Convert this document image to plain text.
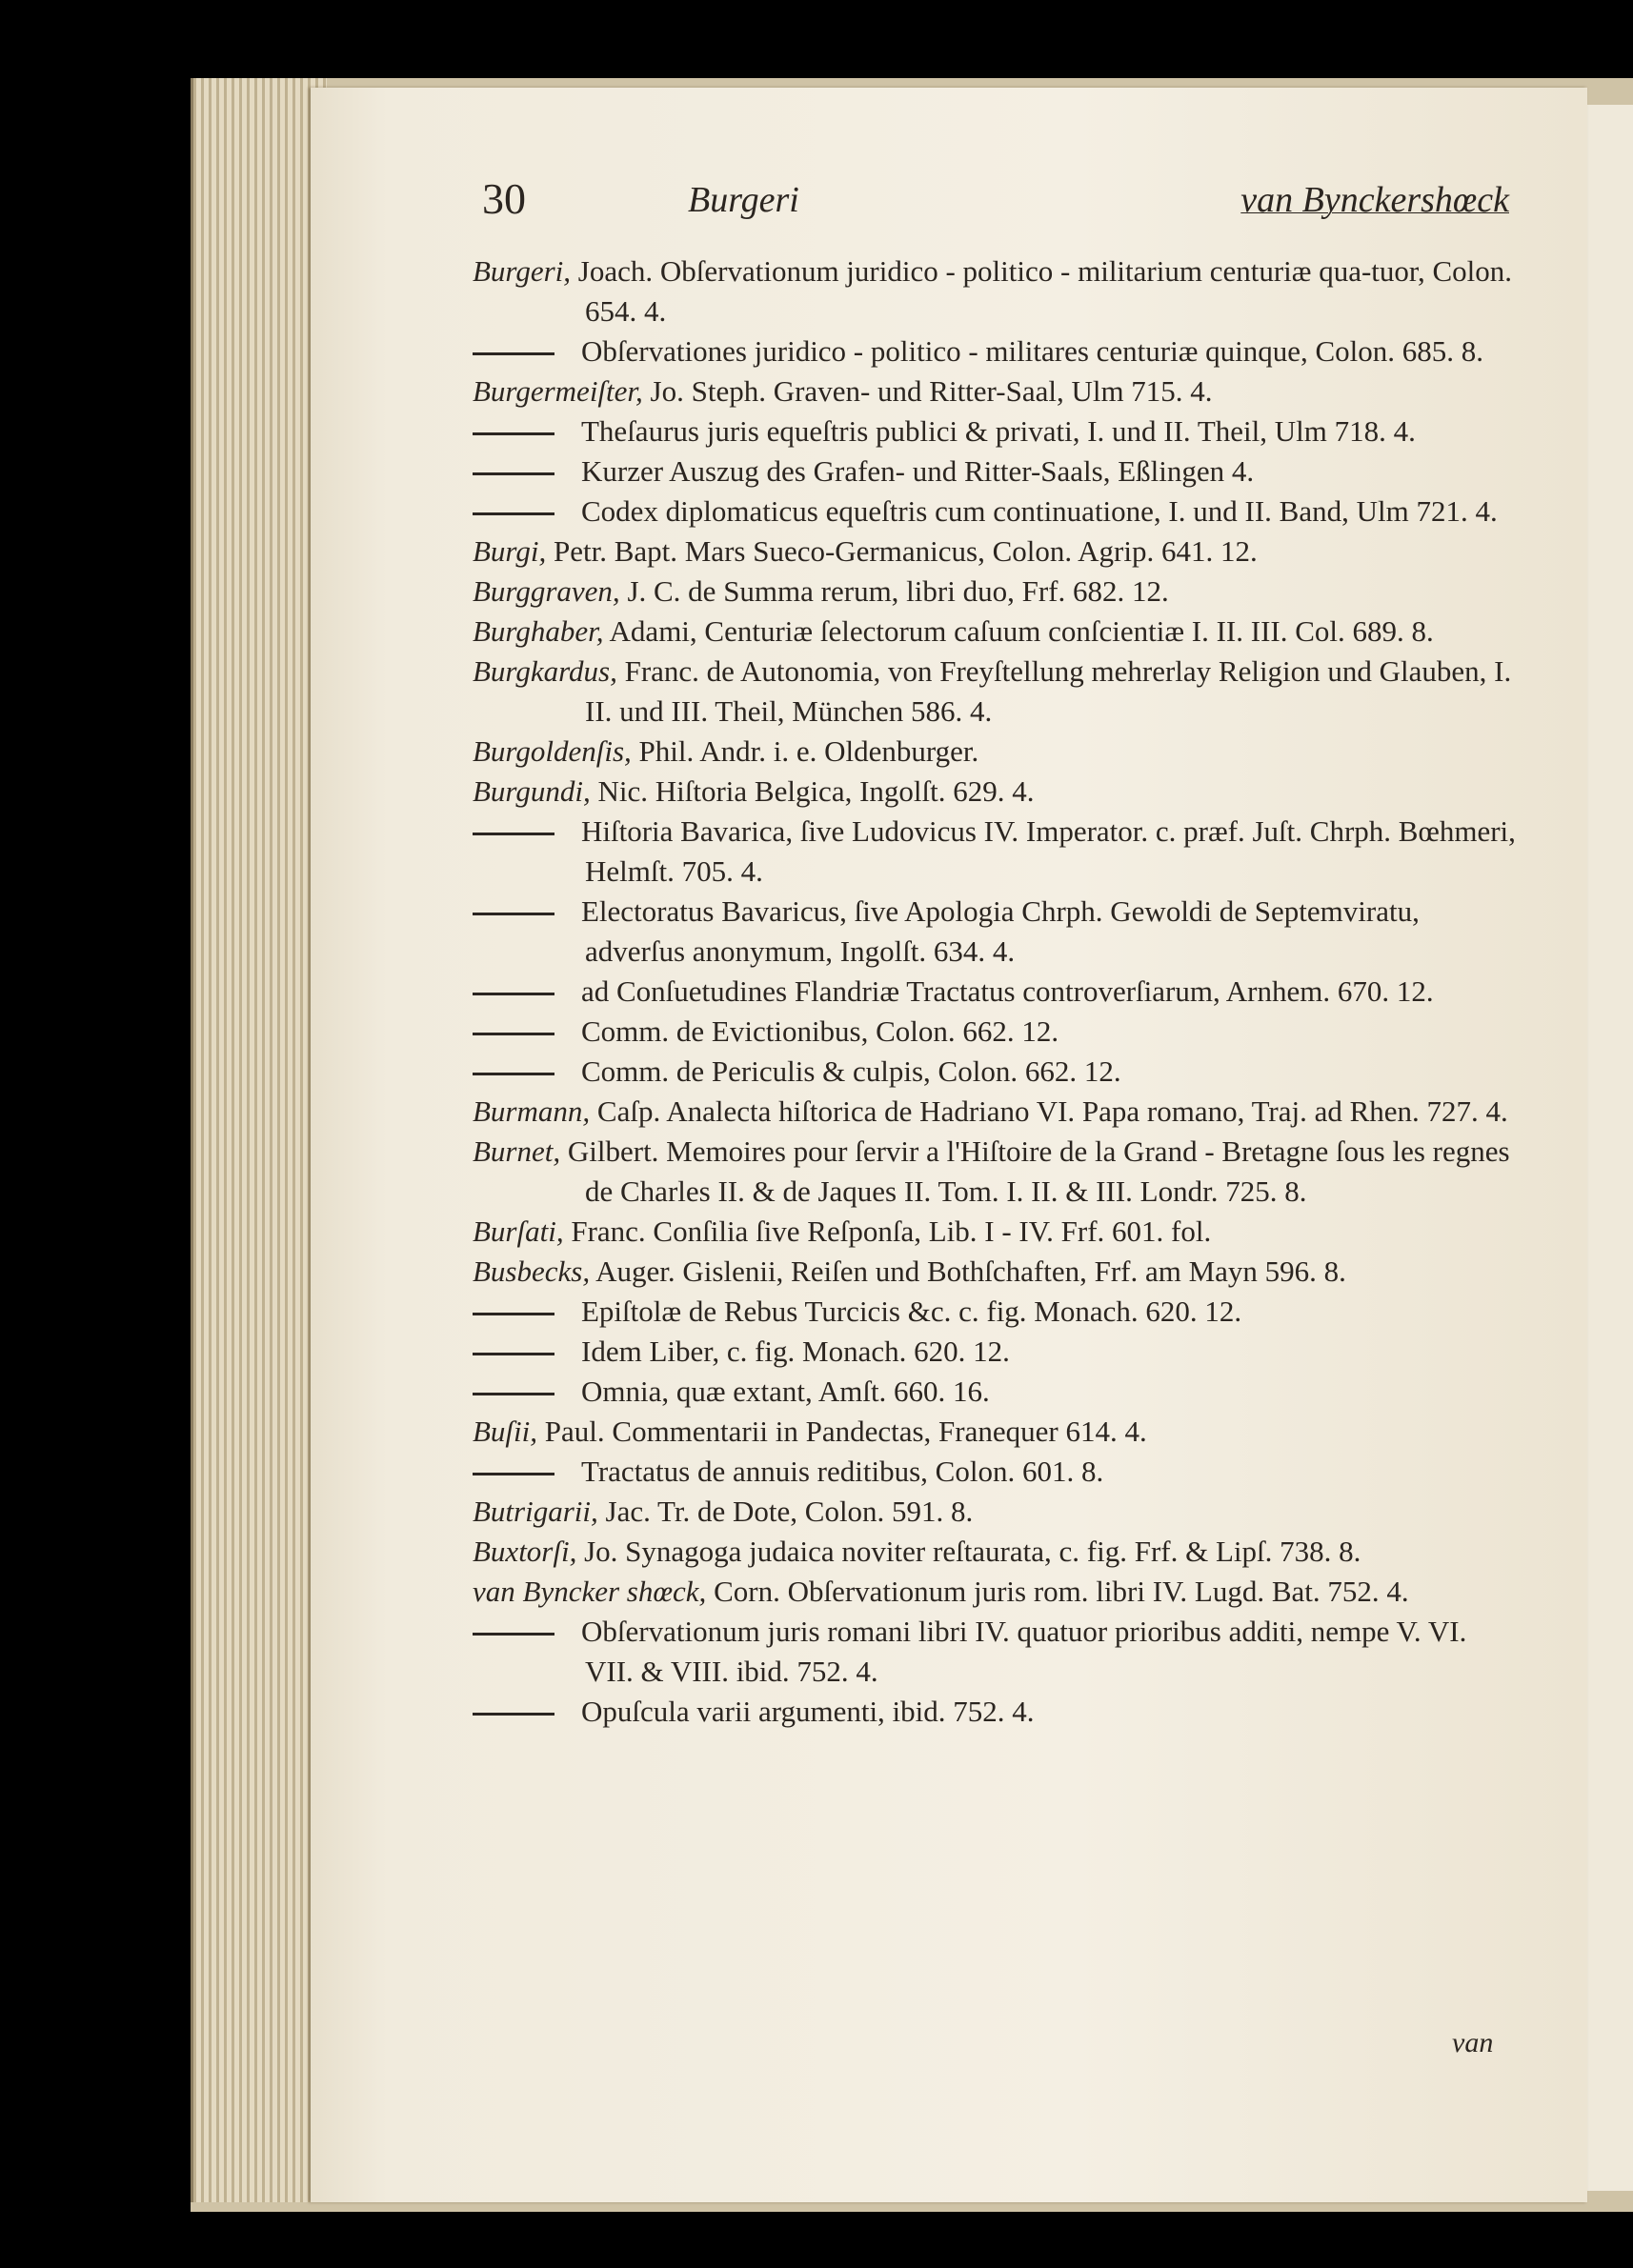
30	Burgeri	van Bynckershœck

Burgeri, Joach. Obſervationum juridico - politico - militarium centuriæ qua-tuor, Colon. 654. 4.

Obſervationes juridico - politico - militares centuriæ quinque, Colon. 685. 8.

Burgermeiſter, Jo. Steph. Graven- und Ritter-Saal, Ulm 715. 4.

Theſaurus juris equeſtris publici & privati, I. und II. Theil, Ulm 718. 4.

Kurzer Auszug des Grafen- und Ritter-Saals, Eßlingen 4.

Codex diplomaticus equeſtris cum continuatione, I. und II. Band, Ulm 721. 4.

Burgi, Petr. Bapt. Mars Sueco-Germanicus, Colon. Agrip. 641. 12.

Burggraven, J. C. de Summa rerum, libri duo, Frf. 682. 12.

Burghaber, Adami, Centuriæ ſelectorum caſuum conſcientiæ I. II. III. Col. 689. 8.

Burgkardus, Franc. de Autonomia, von Freyſtellung mehrerlay Religion und Glauben, I. II. und III. Theil, München 586. 4.

Burgoldenſis, Phil. Andr. i. e. Oldenburger.

Burgundi, Nic. Hiſtoria Belgica, Ingolſt. 629. 4.

Hiſtoria Bavarica, ſive Ludovicus IV. Imperator. c. præf. Juſt. Chrph. Bœhmeri, Helmſt. 705. 4.

Electoratus Bavaricus, ſive Apologia Chrph. Gewoldi de Septemviratu, adverſus anonymum, Ingolſt. 634. 4.

ad Conſuetudines Flandriæ Tractatus controverſiarum, Arnhem. 670. 12.

Comm. de Evictionibus, Colon. 662. 12.

Comm. de Periculis & culpis, Colon. 662. 12.

Burmann, Caſp. Analecta hiſtorica de Hadriano VI. Papa romano, Traj. ad Rhen. 727. 4.

Burnet, Gilbert. Memoires pour ſervir a l'Hiſtoire de la Grand - Bretagne ſous les regnes de Charles II. & de Jaques II. Tom. I. II. & III. Londr. 725. 8.

Burſati, Franc. Conſilia ſive Reſponſa, Lib. I - IV. Frf. 601. fol.

Busbecks, Auger. Gislenii, Reiſen und Bothſchaften, Frf. am Mayn 596. 8.

Epiſtolæ de Rebus Turcicis &c. c. fig. Monach. 620. 12.

Idem Liber, c. fig. Monach. 620. 12.

Omnia, quæ extant, Amſt. 660. 16.

Buſii, Paul. Commentarii in Pandectas, Franequer 614. 4.

Tractatus de annuis reditibus, Colon. 601. 8.

Butrigarii, Jac. Tr. de Dote, Colon. 591. 8.

Buxtorſi, Jo. Synagoga judaica noviter reſtaurata, c. fig. Frf. & Lipſ. 738. 8.

van Byncker shœck, Corn. Obſervationum juris rom. libri IV. Lugd. Bat. 752. 4.

Obſervationum juris romani libri IV. quatuor prioribus additi, nempe V. VI. VII. & VIII. ibid. 752. 4.

Opuſcula varii argumenti, ibid. 752. 4.

van
